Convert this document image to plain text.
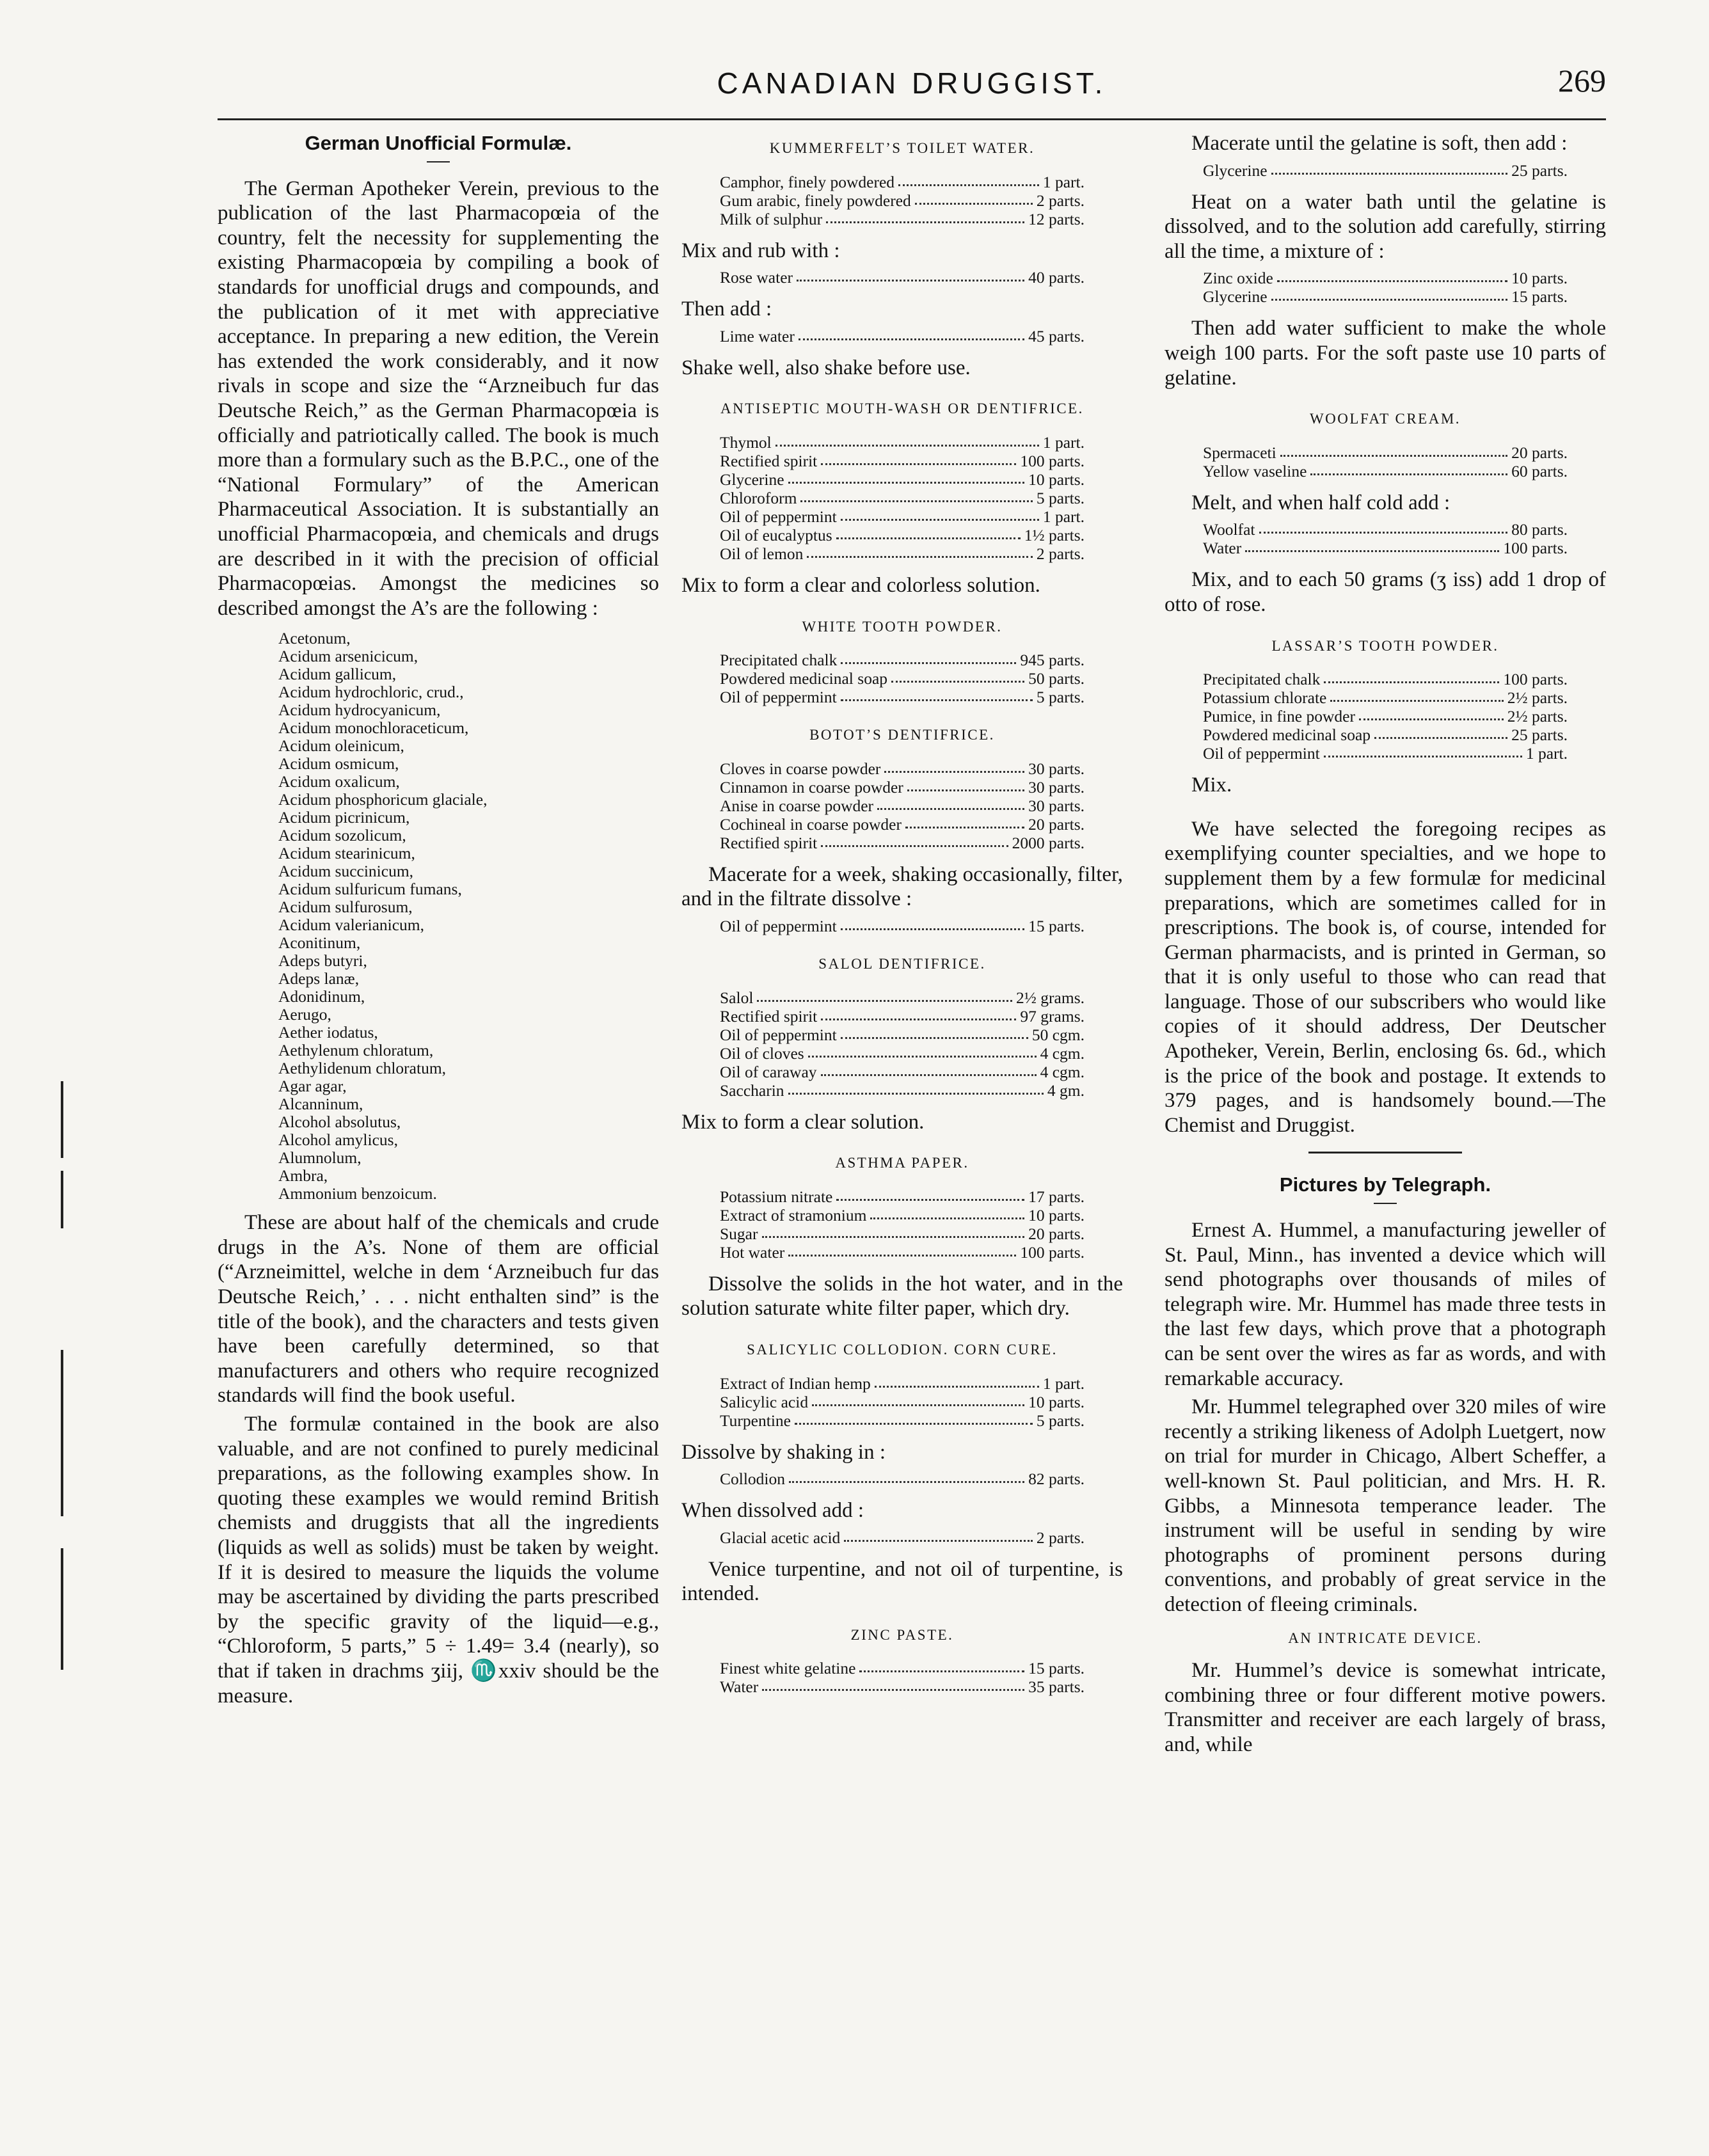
CANADIAN DRUGGIST.	269
German Unofficial Formulæ.

The German Apotheker Verein, previous to the publication of the last Pharmacopœia of the country, felt the necessity for supplementing the existing Pharmacopœia by compiling a book of standards for unofficial drugs and compounds, and the publication of it met with appreciative acceptance. In preparing a new edition, the Verein has extended the work considerably, and it now rivals in scope and size the “Arzneibuch fur das Deutsche Reich,” as the German Pharmacopœia is officially and patriotically called. The book is much more than a formulary such as the B.P.C., one of the “National Formulary” of the American Pharmaceutical Association. It is substantially an unofficial Pharmacopœia, and chemicals and drugs are described in it with the precision of official Pharmacopœias. Amongst the medicines so described amongst the A’s are the following :

Acetonum,
Acidum arsenicicum,
Acidum gallicum,
Acidum hydrochloric, crud.,
Acidum hydrocyanicum,
Acidum monochloraceticum,
Acidum oleinicum,
Acidum osmicum,
Acidum oxalicum,
Acidum phosphoricum glaciale,
Acidum picrinicum,
Acidum sozolicum,
Acidum stearinicum,
Acidum succinicum,
Acidum sulfuricum fumans,
Acidum sulfurosum,
Acidum valerianicum,
Aconitinum,
Adeps butyri,
Adeps lanæ,
Adonidinum,
Aerugo,
Aether iodatus,
Aethylenum chloratum,
Aethylidenum chloratum,
Agar agar,
Alcanninum,
Alcohol absolutus,
Alcohol amylicus,
Alumnolum,
Ambra,
Ammonium benzoicum.

These are about half of the chemicals and crude drugs in the A’s. None of them are official (“Arzneimittel, welche in dem ‘Arzneibuch fur das Deutsche Reich,’ . . . nicht enthalten sind” is the title of the book), and the characters and tests given have been carefully determined, so that manufacturers and others who require recognized standards will find the book useful.

The formulæ contained in the book are also valuable, and are not confined to purely medicinal preparations, as the following examples show. In quoting these examples we would remind British chemists and druggists that all the ingredients (liquids as well as solids) must be taken by weight. If it is desired to measure the liquids the volume may be ascertained by dividing the parts prescribed by the specific gravity of the liquid—e.g., “Chloroform, 5 parts,” 5 ÷ 1.49= 3.4 (nearly), so that if taken in drachms ʒiij, ♏xxiv should be the measure.

KUMMERFELT’S TOILET WATER.
Camphor, finely powdered	1 part.
Gum arabic, finely powdered	2 parts.
Milk of sulphur	12 parts.

Mix and rub with :

Rose water	40 parts.

Then add :

Lime water	45 parts.

Shake well, also shake before use.

ANTISEPTIC MOUTH-WASH OR DENTIFRICE.
Thymol	1 part.
Rectified spirit	100 parts.
Glycerine	10 parts.
Chloroform	5 parts.
Oil of peppermint	1 part.
Oil of eucalyptus	1½ parts.
Oil of lemon	2 parts.

Mix to form a clear and colorless solution.

WHITE TOOTH POWDER.
Precipitated chalk	945 parts.
Powdered medicinal soap	50 parts.
Oil of peppermint	5 parts.
BOTOT’S DENTIFRICE.
Cloves in coarse powder	30 parts.
Cinnamon in coarse powder	30 parts.
Anise in coarse powder	30 parts.
Cochineal in coarse powder	20 parts.
Rectified spirit	2000 parts.

Macerate for a week, shaking occasionally, filter, and in the filtrate dissolve :

Oil of peppermint	15 parts.
SALOL DENTIFRICE.
Salol	2½ grams.
Rectified spirit	97 grams.
Oil of peppermint	50 cgm.
Oil of cloves	4 cgm.
Oil of caraway	4 cgm.
Saccharin	4 gm.

Mix to form a clear solution.

ASTHMA PAPER.
Potassium nitrate	17 parts.
Extract of stramonium	10 parts.
Sugar	20 parts.
Hot water	100 parts.

Dissolve the solids in the hot water, and in the solution saturate white filter paper, which dry.

SALICYLIC COLLODION. CORN CURE.
Extract of Indian hemp	1 part.
Salicylic acid	10 parts.
Turpentine	5 parts.

Dissolve by shaking in :

Collodion	82 parts.

When dissolved add :

Glacial acetic acid	2 parts.

Venice turpentine, and not oil of turpentine, is intended.

ZINC PASTE.
Finest white gelatine	15 parts.
Water	35 parts.

Macerate until the gelatine is soft, then add :

Glycerine	25 parts.

Heat on a water bath until the gelatine is dissolved, and to the solution add carefully, stirring all the time, a mixture of :

Zinc oxide	10 parts.
Glycerine	15 parts.

Then add water sufficient to make the whole weigh 100 parts. For the soft paste use 10 parts of gelatine.

WOOLFAT CREAM.
Spermaceti	20 parts.
Yellow vaseline	60 parts.

Melt, and when half cold add :

Woolfat	80 parts.
Water	100 parts.

Mix, and to each 50 grams (ʒ iss) add 1 drop of otto of rose.

LASSAR’S TOOTH POWDER.
Precipitated chalk	100 parts.
Potassium chlorate	2½ parts.
Pumice, in fine powder	2½ parts.
Powdered medicinal soap	25 parts.
Oil of peppermint	1 part.

Mix.

We have selected the foregoing recipes as exemplifying counter specialties, and we hope to supplement them by a few formulæ for medicinal preparations, which are sometimes called for in prescriptions. The book is, of course, intended for German pharmacists, and is printed in German, so that it is only useful to those who can read that language. Those of our subscribers who would like copies of it should address, Der Deutscher Apotheker, Verein, Berlin, enclosing 6s. 6d., which is the price of the book and postage. It extends to 379 pages, and is handsomely bound.—The Chemist and Druggist.

Pictures by Telegraph.

Ernest A. Hummel, a manufacturing jeweller of St. Paul, Minn., has invented a device which will send photographs over thousands of miles of telegraph wire. Mr. Hummel has made three tests in the last few days, which prove that a photograph can be sent over the wires as far as words, and with remarkable accuracy.

Mr. Hummel telegraphed over 320 miles of wire recently a striking likeness of Adolph Luetgert, now on trial for murder in Chicago, Albert Scheffer, a well-known St. Paul politician, and Mrs. H. R. Gibbs, a Minnesota temperance leader. The instrument will be useful in sending by wire photographs of prominent persons during conventions, and probably of great service in the detection of fleeing criminals.

AN INTRICATE DEVICE.

Mr. Hummel’s device is somewhat intricate, combining three or four different motive powers. Transmitter and receiver are each largely of brass, and, while
